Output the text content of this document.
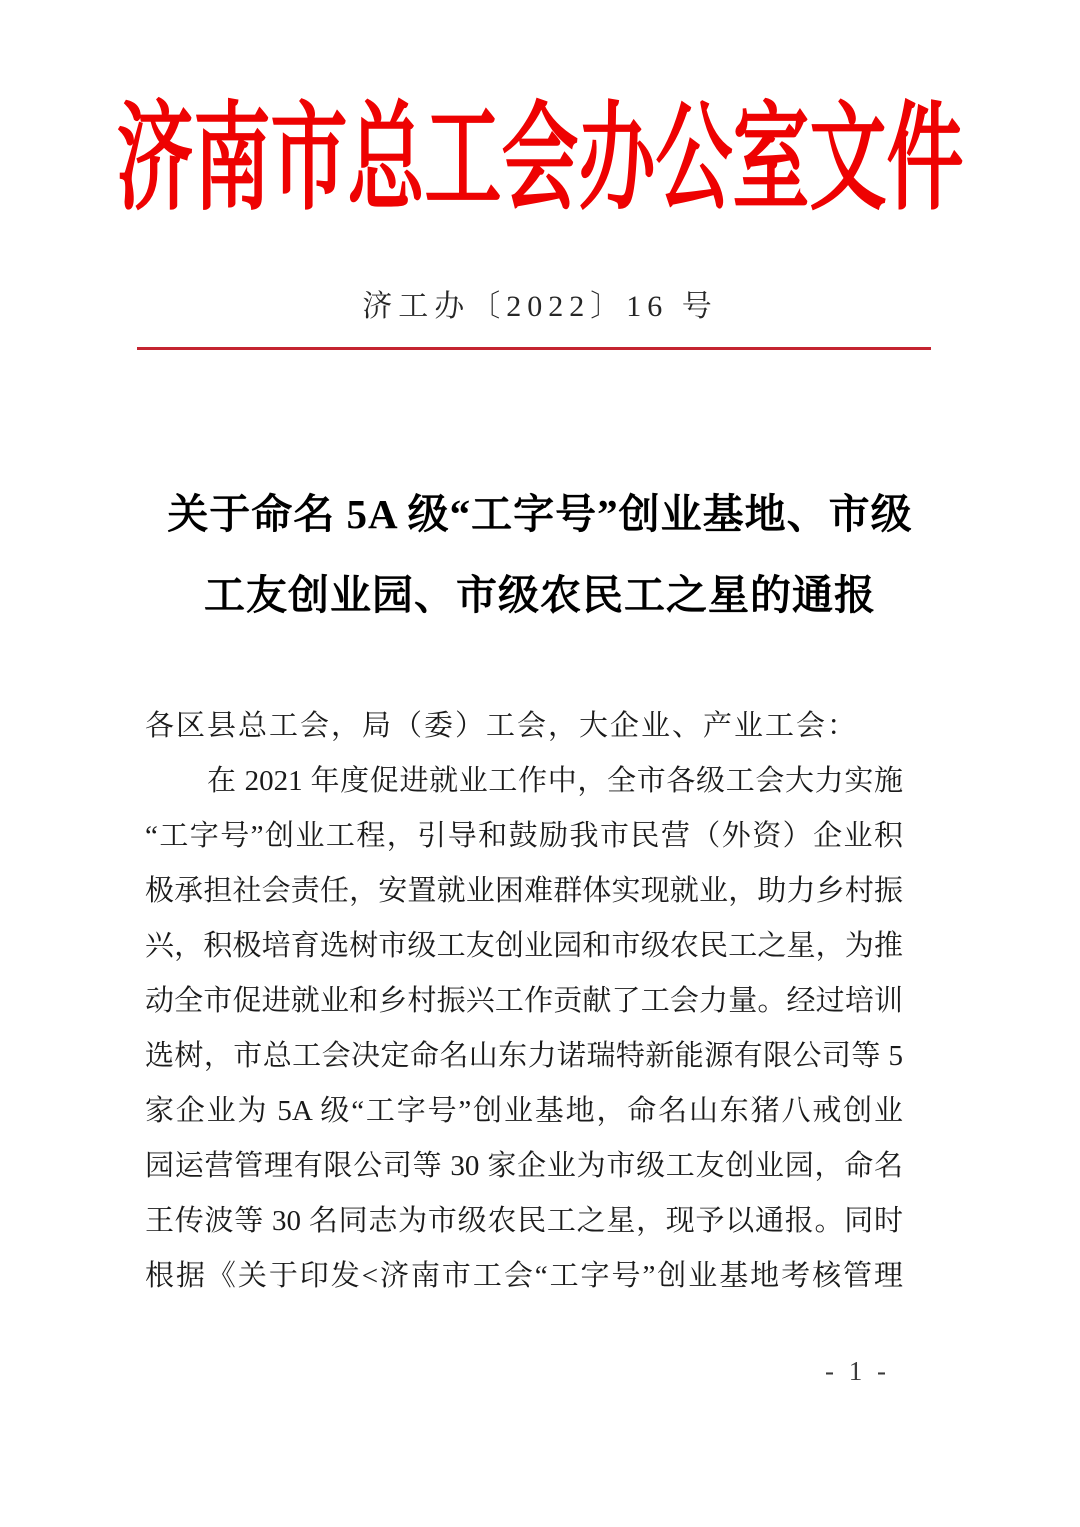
济南市总工会办公室文件
济工办〔2022〕16 号
关于命名 5A 级“工字号”创业基地、市级
工友创业园、市级农民工之星的通报
各区县总工会，局（委）工会，大企业、产业工会：
在 2021 年度促进就业工作中，全市各级工会大力实施
“工字号”创业工程，引导和鼓励我市民营（外资）企业积
极承担社会责任，安置就业困难群体实现就业，助力乡村振
兴，积极培育选树市级工友创业园和市级农民工之星，为推
动全市促进就业和乡村振兴工作贡献了工会力量。经过培训
选树，市总工会决定命名山东力诺瑞特新能源有限公司等 5
家企业为 5A 级“工字号”创业基地，命名山东猪八戒创业
园运营管理有限公司等 30 家企业为市级工友创业园，命名
王传波等 30 名同志为市级农民工之星，现予以通报。同时
根据《关于印发<济南市工会“工字号”创业基地考核管理
- 1 -
